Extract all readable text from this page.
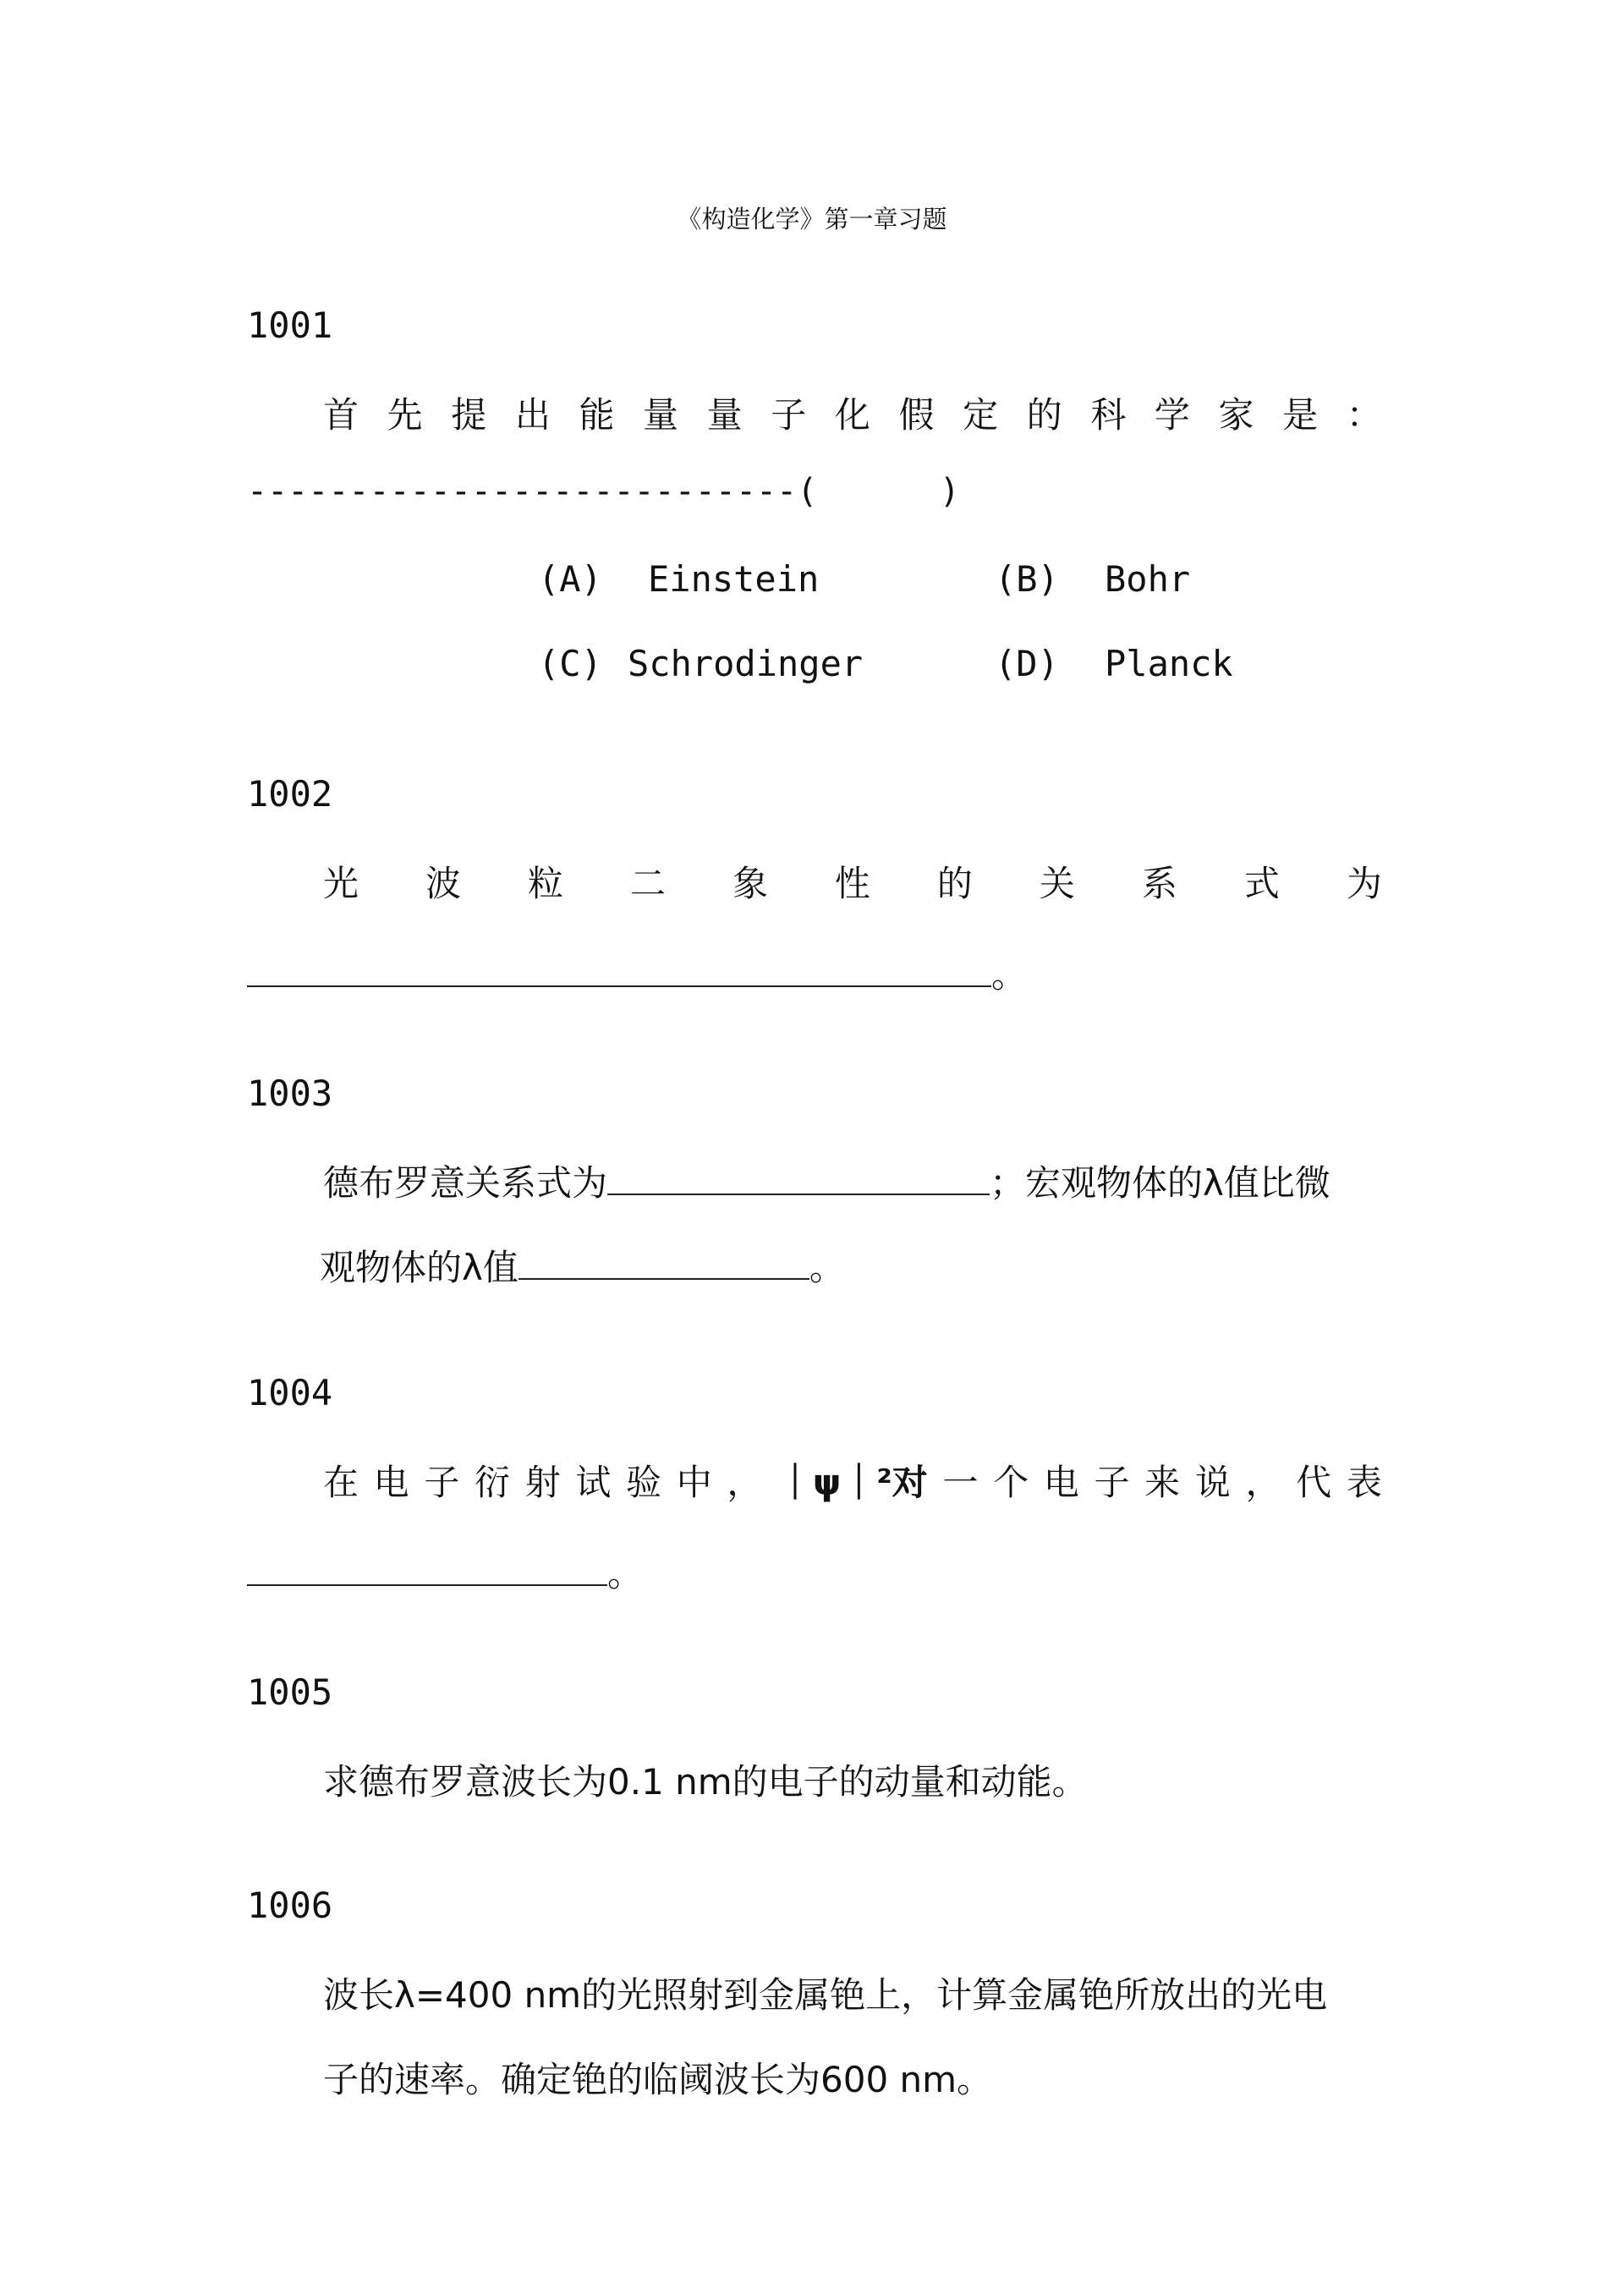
《构造化学》第一章习题
1001
首 先 提 出 能 量 量 子 化 假 定 的 科 学 家 是 ：
---------------------------(      )
(A) Einstein	(B) Bohr
(C) Schrodinger	(D) Planck
1002
光 波 粒 二 象 性 的 关 系 式 为
。
1003
德布罗意关系式为	；宏观物体的λ值比微
观物体的λ值	。
1004
在 电 子 衍 射 试 验 中 ， ｜ψ｜²对 一 个 电 子 来 说 ， 代 表
。
1005
求德布罗意波长为0.1 nm的电子的动量和动能。
1006
波长λ=400 nm的光照射到金属铯上，计算金属铯所放出的光电
子的速率。确定铯的临阈波长为600 nm。
